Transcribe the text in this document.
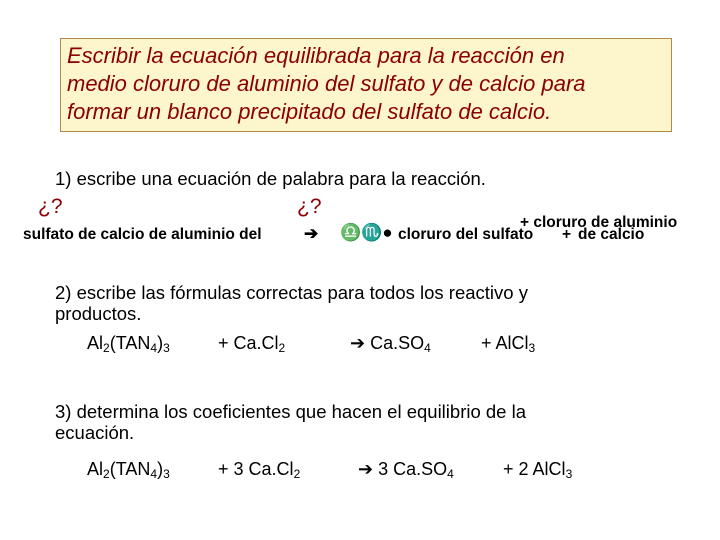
Escribir la ecuación equilibrada para la reacción en
medio cloruro de aluminio del sulfato y de calcio para
formar un blanco precipitado del sulfato de calcio.
1) escribe una ecuación de palabra para la reacción.
¿?	¿?
sulfato de calcio de aluminio del ➔ ♎♏● cloruro del sulfato + de calcio
+ cloruro de aluminio
2) escribe las fórmulas correctas para todos los reactivo y
productos.
$Al_2(TAN_4)_3$	+ $Ca.Cl_2$	➔ $Ca.SO_4$	+ AlCl$_3$
3) determina los coeficientes que hacen el equilibrio de la
ecuación.
$Al_2(TAN_4)_3$	+ 3 $Ca.Cl_2$	➔ 3 $Ca.SO_4$	+ 2 AlCl$_3$
